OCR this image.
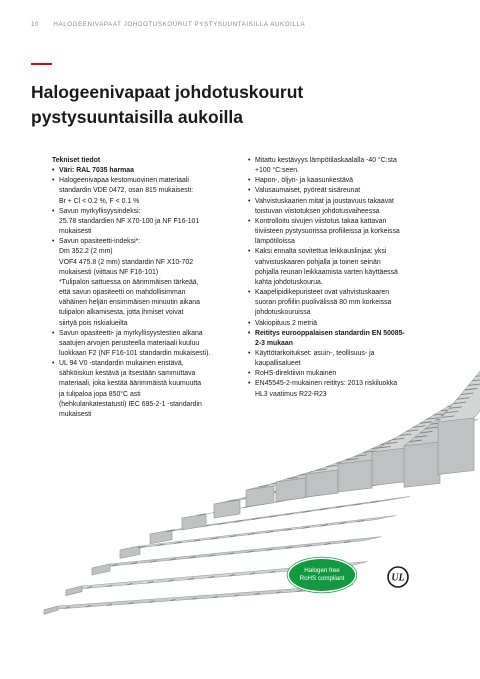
10 HALOGEENIVAPAAT JOHDOTUSKOURUT PYSTYSUUNTAISILLA AUKOILLA
Halogeenivapaat johdotuskourut
pystysuuntaisilla aukoilla
Tekniset tiedot
• Väri: RAL 7035 harmaa
• Halogeenivapaa kestomuovinen materiaali
standardin VDE 0472, osan 815 mukaisesti:
Br + Cl < 0.2 %, F < 0.1 %
• Savun myrkyllisyysindeksi:
25.78 standardien NF X70-100 ja NF F16-101
mukaisesti
• Savun opasiteetti-indeksi*:
Dm 352.2 (2 mm)
VOF4 475.8 (2 mm) standardin NF X10-702
mukaisesti (viittaus NF F16-101)
*Tulipalon sattuessa on äärimmäisen tärkeää,
että savun opasiteetti on mahdollisimman
vähäinen heljän ensimmäisen minuutin aikana
tulipalon alkamisesta, jotta ihmiset voivat
siirtyä pois riskialueilta
• Savun opasiteetti- ja myrkyllisyystestien alkana
saatujen arvojen perusteella materiaali kuuluu
luokkaan F2 (NF F16-101 standardin mukaisesti).
• UL 94 V0 -standardin mukainen eristävä,
sähköiskun kestävä ja itsestään sammuttava
materiaali, joka kestää äärimmäistä kuumuutta
ja tulipaloa jopa 850°C asti
(hehkulankatestatusti) IEC 695-2-1 -standardin
mukaisesti
• Mitattu kestävyys lämpötilaskaalalla -40 °C:sta
+100 °C:seen.
• Hapon-, öljyn- ja kaasunkestävä
• Valusaumaiset, pyöreät sisäreunat
• Vahvistuskaarien mitat ja joustavuus takaavat
toistuvan viistotuksen johdotusvaiheessa
• Kontrolloitu sivujen viistotus takaa kattavan
tiiviisteen pystysuorissa profiileissa ja korkeissa
lämpötiloissa
• Kaksi ennalta sovitettua leikkauslinjaa: yksi
vahvistuskaaren pohjalla ja toinen seinän
pohjalla reunan leikkaamista varten käyttäessä
kahta johdotuskourua.
• Kaapelipidikepuristeet ovat vahvistuskaaren
suoran profiilin puolivälissä 80 mm korkeissa
johdotuskouruissa
• Vakiopituus 2 metriä
• Reititys eurooppalaisen standardin EN 50085-
2-3 mukaan
• Käyttötarkoitukset: asuin-, teollisuus- ja
kaupallisalueet
• RoHS-direktiivin mukainen
• EN45545-2-mukainen reititys: 2013 riskiluokka
HL3 vaatimus R22-R23
Halogen free
RoHS compliant	UL
